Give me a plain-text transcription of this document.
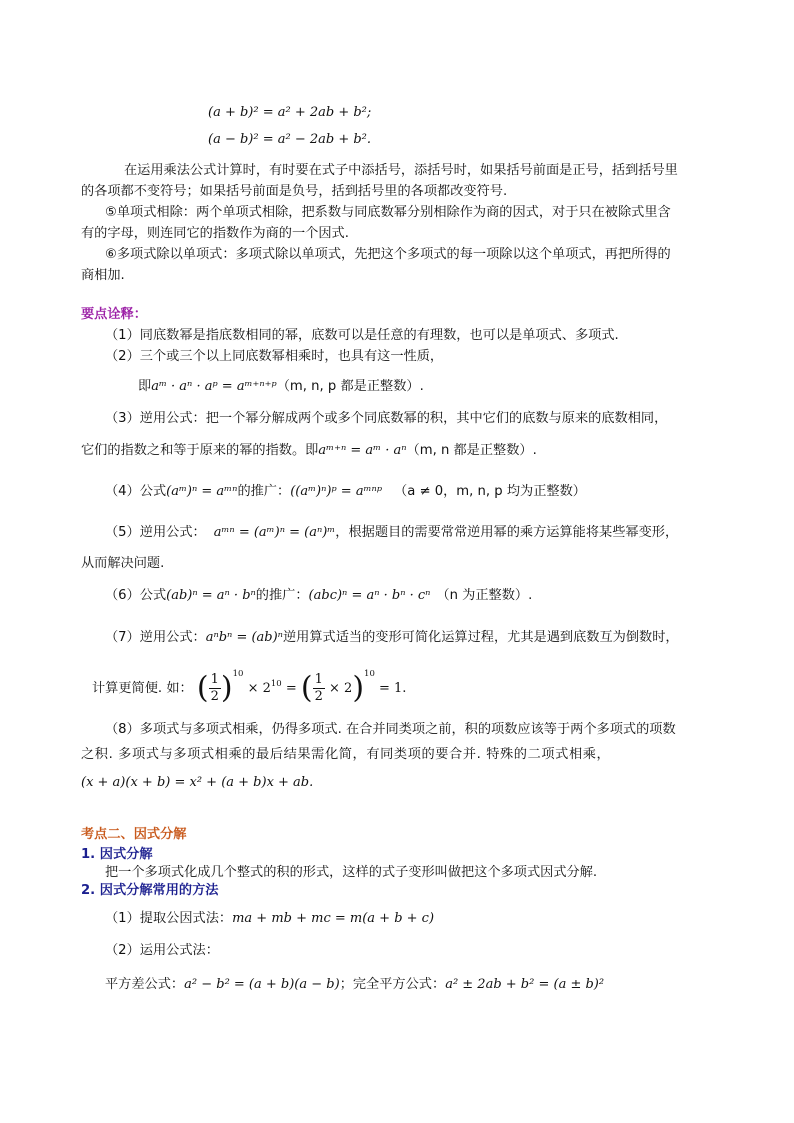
(a + b)² = a² + 2ab + b²;
(a − b)² = a² − 2ab + b².
在运用乘法公式计算时，有时要在式子中添括号，添括号时，如果括号前面是正号，括到括号里
的各项都不变符号；如果括号前面是负号，括到括号里的各项都改变符号.
⑤单项式相除：两个单项式相除，把系数与同底数幂分别相除作为商的因式，对于只在被除式里含
有的字母，则连同它的指数作为商的一个因式.
⑥多项式除以单项式：多项式除以单项式，先把这个多项式的每一项除以这个单项式，再把所得的
商相加.
要点诠释：
（1）同底数幂是指底数相同的幂，底数可以是任意的有理数，也可以是单项式、多项式.
（2）三个或三个以上同底数幂相乘时，也具有这一性质，
即aᵐ · aⁿ · aᵖ = aᵐ⁺ⁿ⁺ᵖ（m, n, p 都是正整数）.
（3）逆用公式：把一个幂分解成两个或多个同底数幂的积，其中它们的底数与原来的底数相同，
它们的指数之和等于原来的幂的指数。即aᵐ⁺ⁿ = aᵐ · aⁿ（m, n 都是正整数）.
（4）公式(aᵐ)ⁿ = aᵐⁿ的推广：((aᵐ)ⁿ)ᵖ = aᵐⁿᵖ （a ≠ 0，m, n, p 均为正整数）
（5）逆用公式： aᵐⁿ = (aᵐ)ⁿ = (aⁿ)ᵐ，根据题目的需要常常逆用幂的乘方运算能将某些幂变形，
从而解决问题.
（6）公式(ab)ⁿ = aⁿ · bⁿ的推广：(abc)ⁿ = aⁿ · bⁿ · cⁿ （n 为正整数）.
（7）逆用公式：aⁿbⁿ = (ab)ⁿ逆用算式适当的变形可简化运算过程，尤其是遇到底数互为倒数时，
计算更简便. 如： ( $\frac{1}{2} )^{10} \times 2^{10}$ = ( $\frac{1}{2} \times 2)^{10} = 1$.
（8）多项式与多项式相乘，仍得多项式. 在合并同类项之前，积的项数应该等于两个多项式的项数
之积. 多项式与多项式相乘的最后结果需化简，有同类项的要合并. 特殊的二项式相乘，
(x + a)(x + b) = x² + (a + b)x + ab.
考点二、因式分解
1. 因式分解
把一个多项式化成几个整式的积的形式，这样的式子变形叫做把这个多项式因式分解.
2. 因式分解常用的方法
（1）提取公因式法：ma + mb + mc = m(a + b + c)
（2）运用公式法：
平方差公式：a² − b² = (a + b)(a − b)；完全平方公式：a² ± 2ab + b² = (a ± b)²
